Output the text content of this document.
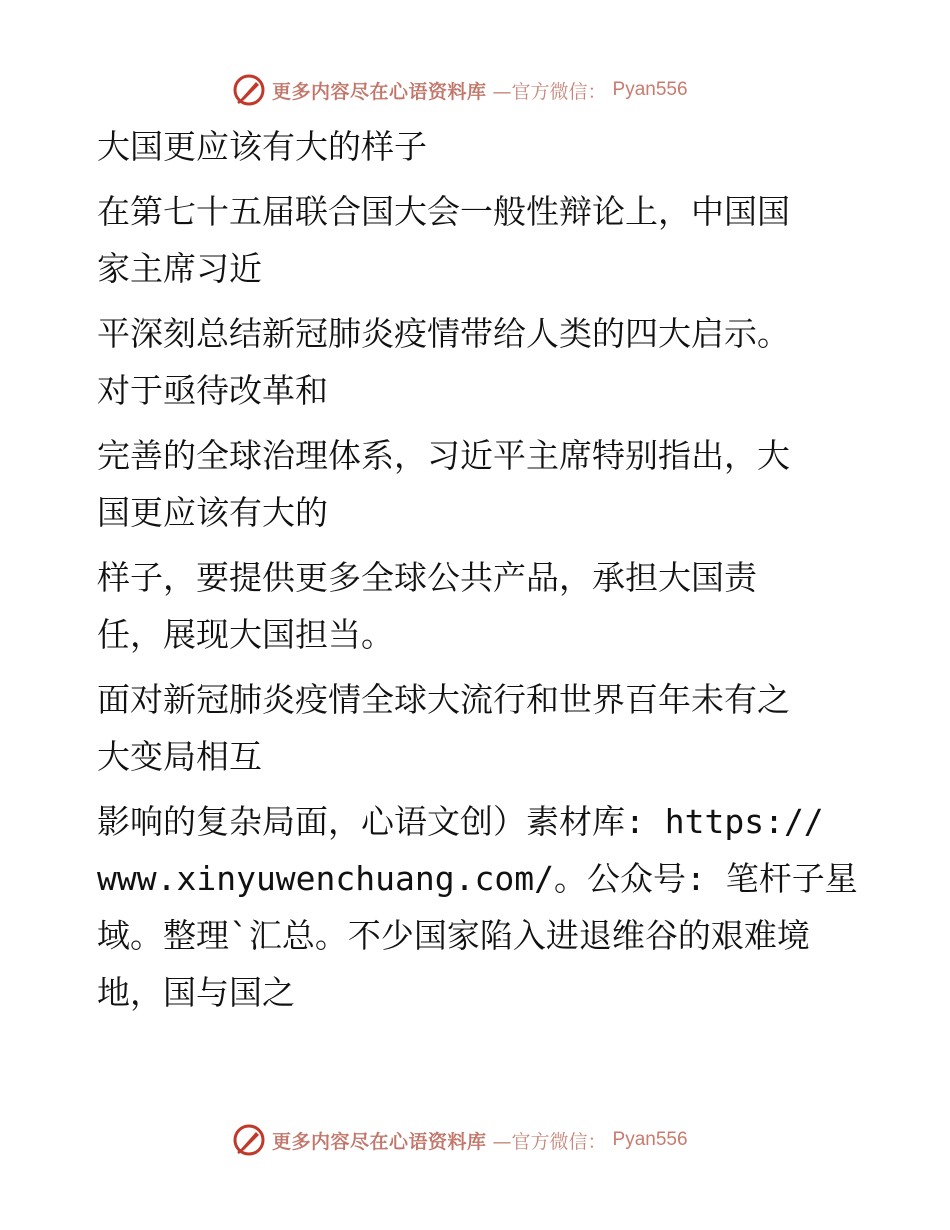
更多内容尽在心语资料库 —官方微信： Pyan556
大国更应该有大的样子
在第七十五届联合国大会一般性辩论上，中国国
家主席习近
平深刻总结新冠肺炎疫情带给人类的四大启示。
对于亟待改革和
完善的全球治理体系，习近平主席特别指出，大
国更应该有大的
样子，要提供更多全球公共产品，承担大国责
任，展现大国担当。
面对新冠肺炎疫情全球大流行和世界百年未有之
大变局相互
影响的复杂局面，心语文创）素材库: https://
www.xinyuwenchuang.com/。公众号: 笔杆子星
域。整理`汇总。不少国家陷入进退维谷的艰难境
地，国与国之
更多内容尽在心语资料库 —官方微信： Pyan556
